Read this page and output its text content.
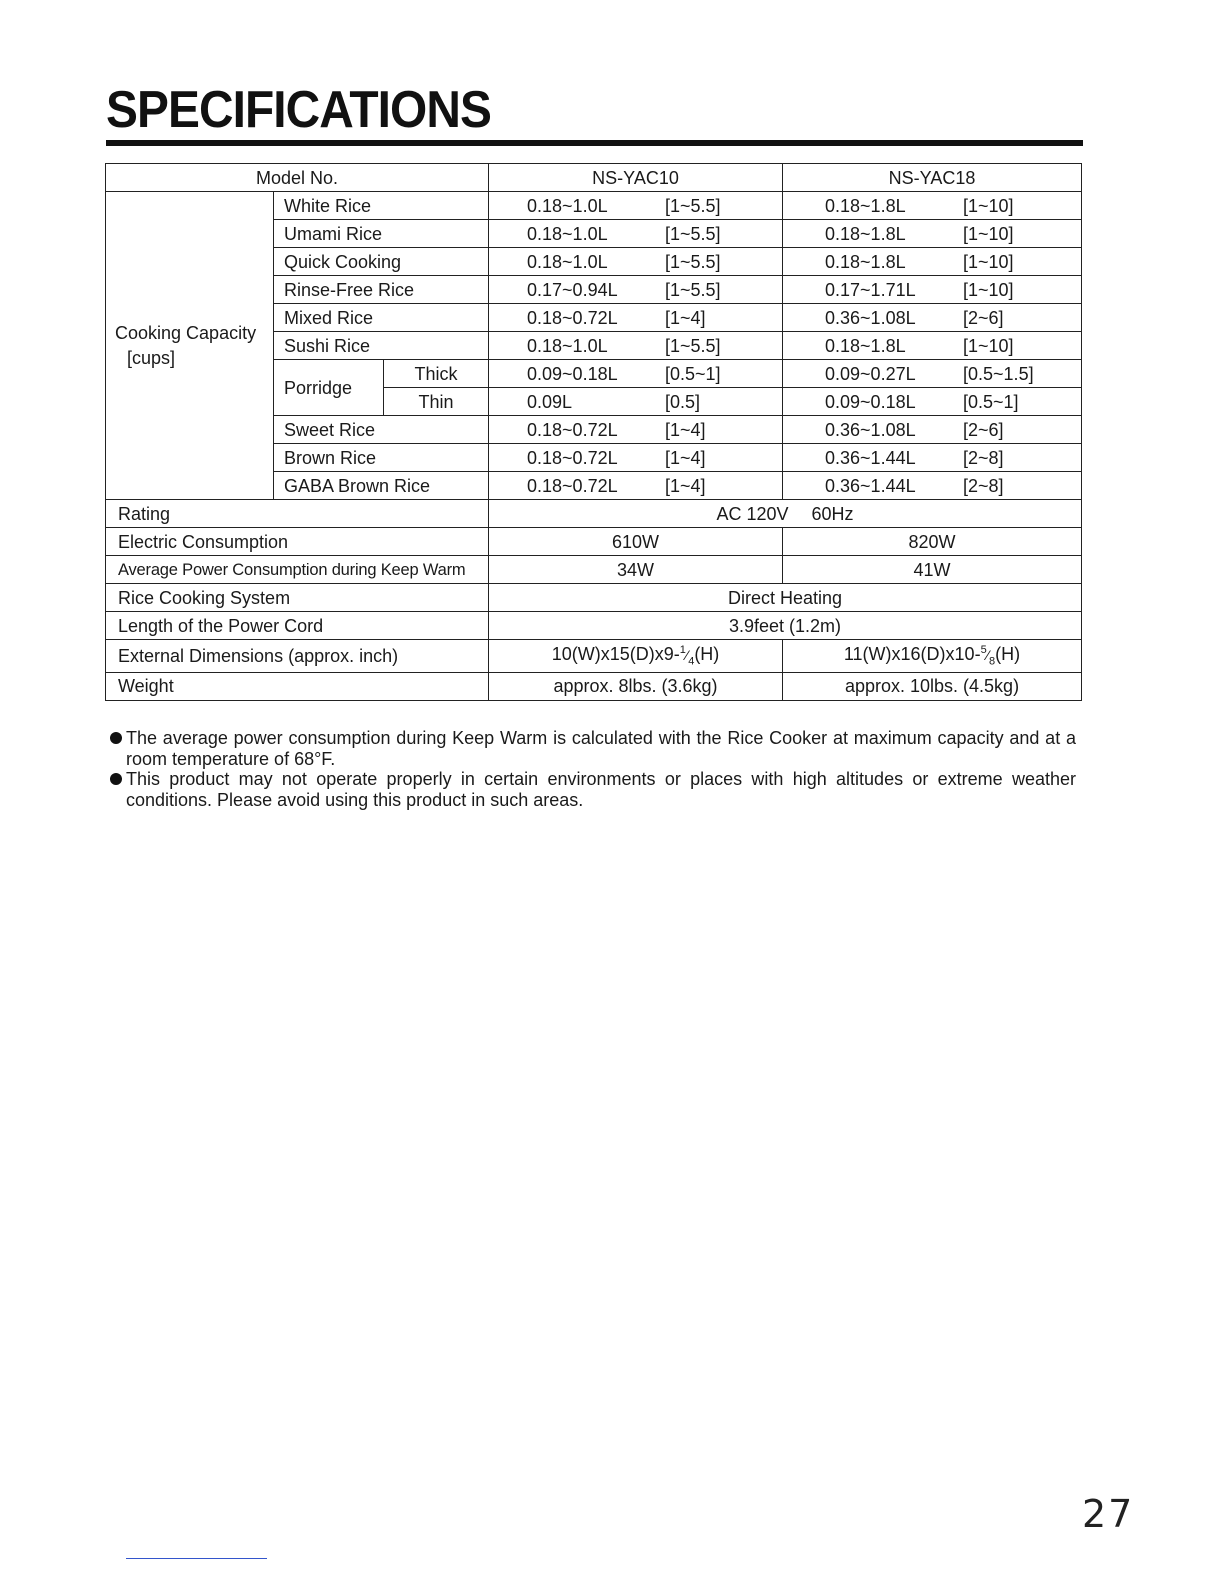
SPECIFICATIONS
Model No.			NS-YAC10	NS-YAC18

Cooking Capacity
[cups]	White Rice		0.18~1.0L [1~5.5]	0.18~1.8L [1~10]
	Umami Rice		0.18~1.0L [1~5.5]	0.18~1.8L [1~10]
	Quick Cooking		0.18~1.0L [1~5.5]	0.18~1.8L [1~10]
	Rinse-Free Rice		0.17~0.94L [1~5.5]	0.17~1.71L [1~10]
	Mixed Rice		0.18~0.72L [1~4]	0.36~1.08L [2~6]
	Sushi Rice		0.18~1.0L [1~5.5]	0.18~1.8L [1~10]
	Porridge	Thick	0.09~0.18L [0.5~1]	0.09~0.27L [0.5~1.5]
		Thin	0.09L [0.5]	0.09~0.18L [0.5~1]
	Sweet Rice		0.18~0.72L [1~4]	0.36~1.08L [2~6]
	Brown Rice		0.18~0.72L [1~4]	0.36~1.44L [2~8]
	GABA Brown Rice		0.18~0.72L [1~4]	0.36~1.44L [2~8]
Rating			AC 120V  60Hz	
Electric Consumption			610W	820W
Average Power Consumption during Keep Warm			34W	41W
Rice Cooking System			Direct Heating	
Length of the Power Cord			3.9feet (1.2m)	
External Dimensions (approx. inch)			$10(W)x15(D)x9-^1⁄_4(H)$	$11(W)x16(D)x10-^5⁄_8(H)$
Weight			approx. 8lbs. (3.6kg)	approx. 10lbs. (4.5kg)

The average power consumption during Keep Warm is calculated with the Rice Cooker at maximum capacity and at a room temperature of 68°F.

This product may not operate properly in certain environments or places with high altitudes or extreme weather conditions. Please avoid using this product in such areas.

27
